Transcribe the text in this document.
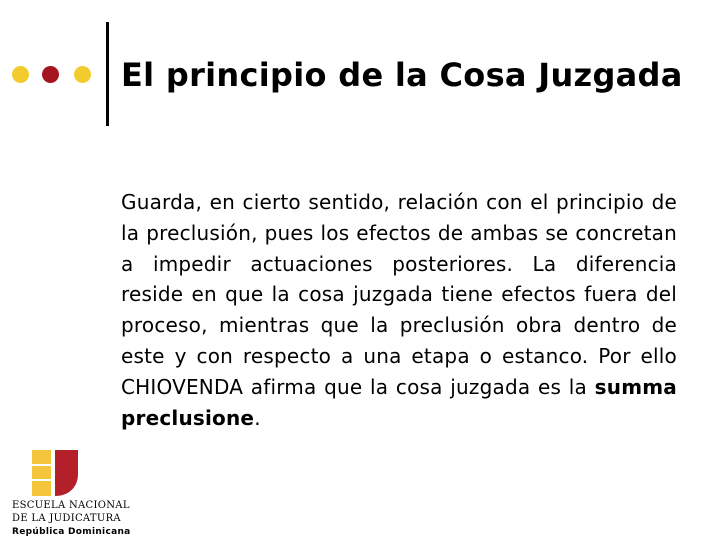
El principio de la Cosa Juzgada
Guarda, en cierto sentido, relación con el principio de la preclusión, pues los efectos de ambas se concretan a impedir actuaciones posteriores. La diferencia reside en que la cosa juzgada tiene efectos fuera del proceso, mientras que la preclusión obra dentro de este y con respecto a una etapa o estanco. Por ello CHIOVENDA afirma que la cosa juzgada es la summa preclusione.
ESCUELA NACIONAL
DE LA JUDICATURA
República Dominicana
